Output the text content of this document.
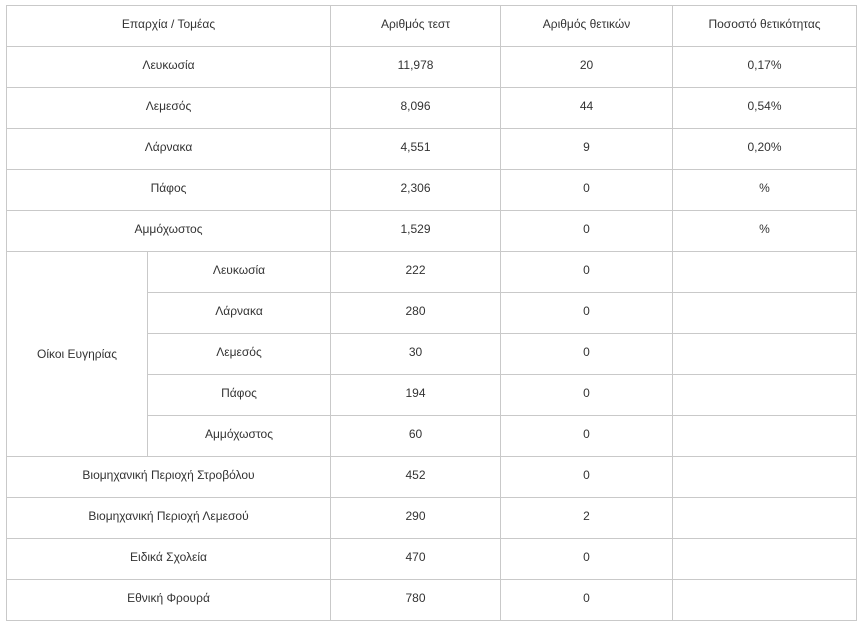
Επαρχία / Τομέας		Αριθμός τεστ	Αριθμός θετικών	Ποσοστό θετικότητας
Λευκωσία		11,978	20	0,17%
Λεμεσός		8,096	44	0,54%
Λάρνακα		4,551	9	0,20%
Πάφος		2,306	0	%
Αμμόχωστος		1,529	0	%
Οίκοι Ευγηρίας	Λευκωσία	222	0	
	Λάρνακα	280	0	
	Λεμεσός	30	0	
	Πάφος	194	0	
	Αμμόχωστος	60	0	
Βιομηχανική Περιοχή Στροβόλου		452	0	
Βιομηχανική Περιοχή Λεμεσού		290	2	
Ειδικά Σχολεία		470	0	
Εθνική Φρουρά		780	0	
